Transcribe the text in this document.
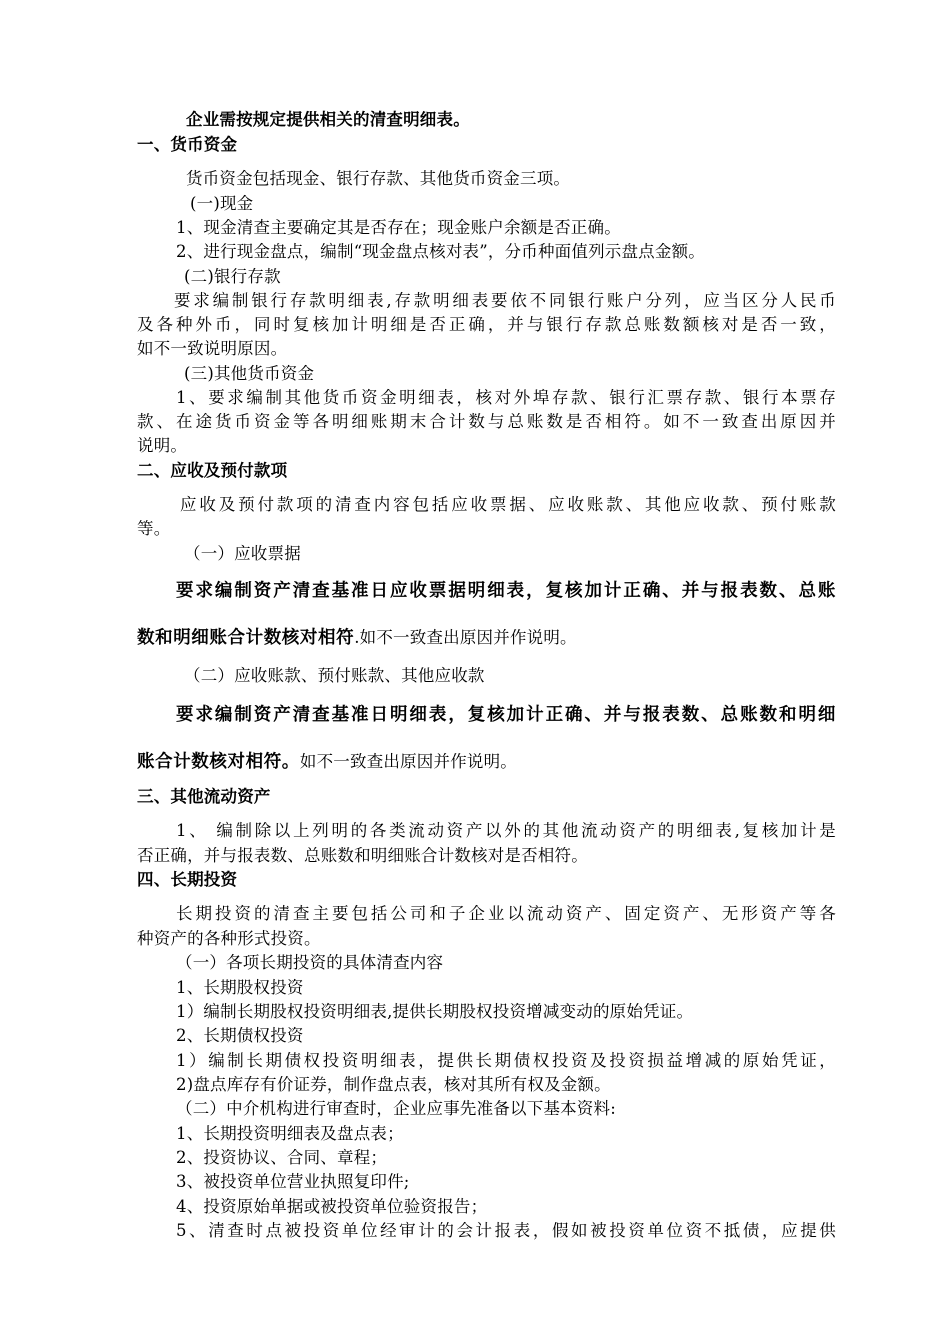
企业需按规定提供相关的清查明细表。

一、货币资金

货币资金包括现金、银行存款、其他货币资金三项。

(一)现金

1、现金清查主要确定其是否存在；现金账户余额是否正确。

2、进行现金盘点，编制“现金盘点核对表”，分币种面值列示盘点金额。

(二)银行存款

要求编制银行存款明细表,存款明细表要依不同银行账户分列，应当区分人民币

及各种外币，同时复核加计明细是否正确，并与银行存款总账数额核对是否一致，

如不一致说明原因。

(三)其他货币资金

1、要求编制其他货币资金明细表，核对外埠存款、银行汇票存款、银行本票存

款、在途货币资金等各明细账期末合计数与总账数是否相符。如不一致查出原因并

说明。

二、应收及预付款项

应收及预付款项的清查内容包括应收票据、应收账款、其他应收款、预付账款

等。

（一）应收票据

要求编制资产清查基准日应收票据明细表，复核加计正确、并与报表数、总账

数和明细账合计数核对相符.如不一致查出原因并作说明。

（二）应收账款、预付账款、其他应收款

要求编制资产清查基准日明细表，复核加计正确、并与报表数、总账数和明细

账合计数核对相符。如不一致查出原因并作说明。

三、其他流动资产

1、 编制除以上列明的各类流动资产以外的其他流动资产的明细表,复核加计是

否正确，并与报表数、总账数和明细账合计数核对是否相符。

四、长期投资

长期投资的清查主要包括公司和子企业以流动资产、固定资产、无形资产等各

种资产的各种形式投资。

（一）各项长期投资的具体清查内容

1、长期股权投资

1）编制长期股权投资明细表,提供长期股权投资增减变动的原始凭证。

2、长期债权投资

1）编制长期债权投资明细表，提供长期债权投资及投资损益增减的原始凭证，

2)盘点库存有价证券，制作盘点表，核对其所有权及金额。

（二）中介机构进行审查时，企业应事先准备以下基本资料:

1、长期投资明细表及盘点表；

2、投资协议、合同、章程；

3、被投资单位营业执照复印件;

4、投资原始单据或被投资单位验资报告；

5、清查时点被投资单位经审计的会计报表，假如被投资单位资不抵债，应提供
